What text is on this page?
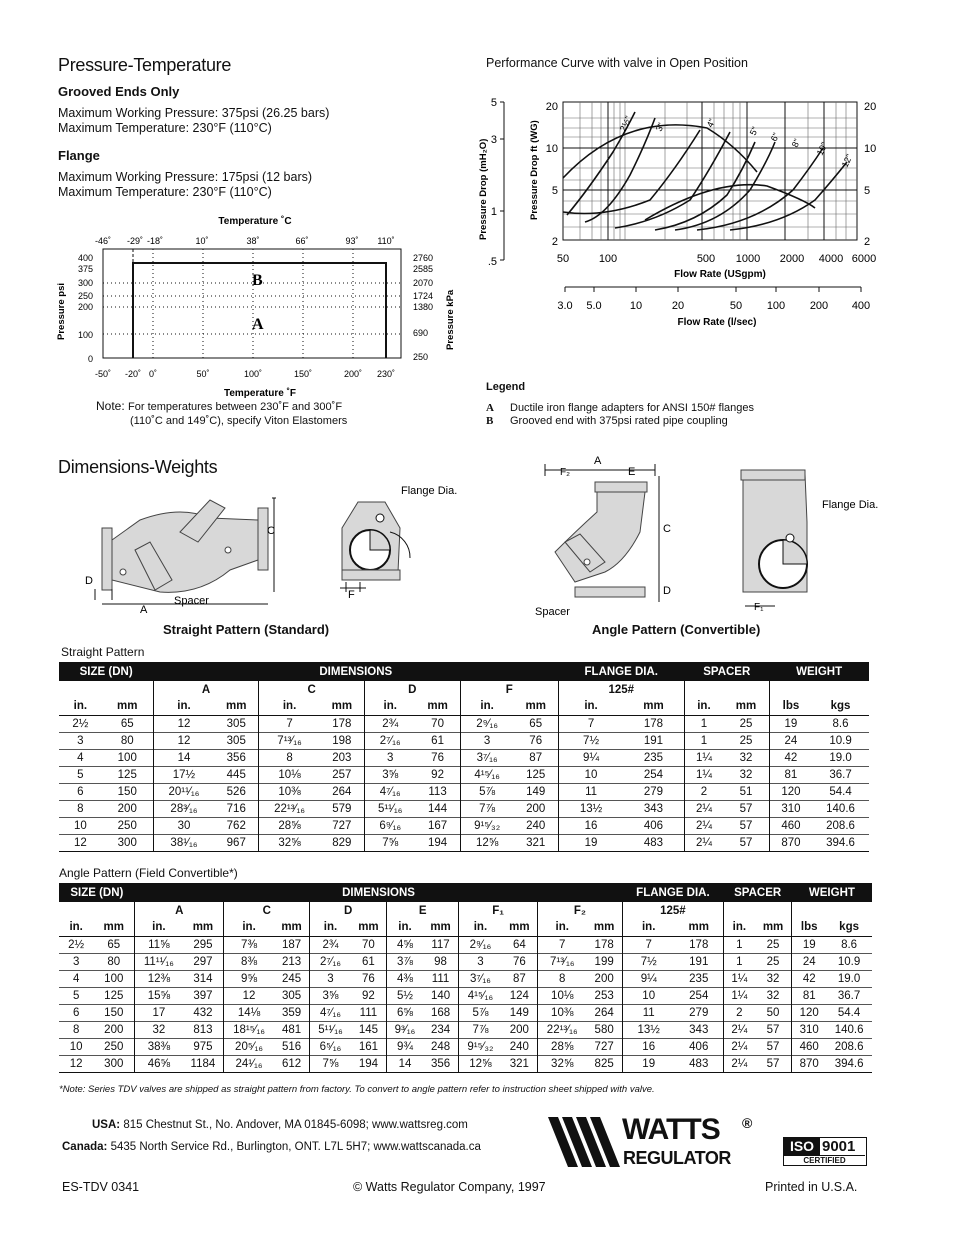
Pressure-Temperature
Grooved Ends Only
Maximum Working Pressure: 375psi (26.25 bars)
Maximum Temperature: 230°F (110°C)
Flange
Maximum Working Pressure: 175psi (12 bars)
Maximum Temperature: 230°F (110°C)
Temperature ˚C
-46˚ -29˚ -18˚	10˚	38˚	66˚	93˚ 110˚
B
A
400
375
300
250
200
100
0
2760
2585
2070
1724
1380
690
250
Pressure psi	Pressure kPa
-50˚ -20˚ 0˚	50˚	100˚	150˚	200˚ 230˚
Temperature ˚F
Note: For temperatures between 230˚F and 300˚F
(110˚C and 149˚C), specify Viton Elastomers
Performance Curve with valve in Open Position
5
3
1
.5
Pressure Drop (mH₂O)	Pressure Drop ft (WG)	2½" 3"	4"
5"
6"
8" 10"
12"
20
10
5
2
20
10
5
2
50	100	500 1000 2000 4000 6000
Flow Rate (USgpm)
3.0 5.0	10	20	50 100 200 400
Flow Rate (l/sec)
Legend
A Ductile iron flange adapters for ANSI 150# flanges
B Grooved end with 375psi rated pipe coupling
Dimensions-Weights
C
D
A
Spacer	F
Flange Dia.
A
F₂	E
C
D
Spacer	F₁
Flange Dia.
Straight Pattern (Standard)	Angle Pattern (Convertible)
Straight Pattern
SIZE (DN)		DIMENSIONS								FLANGE DIA.		SPACER		WEIGHT	
		A		C		D		F		125#					
in.	mm	in.	mm	in.	mm	in.	mm	in.	mm	in.	mm	in.	mm	lbs	kgs
2½	65	12	305	7	178	2¾	70	2⁹⁄₁₆	65	7	178	1	25	19	8.6
3	80	12	305	7¹³⁄₁₆	198	2⁷⁄₁₆	61	3	76	7½	191	1	25	24	10.9
4	100	14	356	8	203	3	76	3⁷⁄₁₆	87	9¼	235	1¼	32	42	19.0
5	125	17½	445	10⅛	257	3⅝	92	4¹⁵⁄₁₆	125	10	254	1¼	32	81	36.7
6	150	20¹¹⁄₁₆	526	10⅜	264	4⁷⁄₁₆	113	5⅞	149	11	279	2	51	120	54.4
8	200	28³⁄₁₆	716	22¹³⁄₁₆	579	5¹¹⁄₁₆	144	7⅞	200	13½	343	2¼	57	310	140.6
10	250	30	762	28⅝	727	6⁹⁄₁₆	167	9¹⁵⁄₃₂	240	16	406	2¼	57	460	208.6
12	300	38¹⁄₁₆	967	32⅝	829	7⅝	194	12⅝	321	19	483	2¼	57	870	394.6
Angle Pattern (Field Convertible*)
SIZE (DN)		DIMENSIONS												FLANGE DIA.		SPACER		WEIGHT	
		A		C		D		E		F₁		F₂		125#					
in.	mm	in.	mm	in.	mm	in.	mm	in.	mm	in.	mm	in.	mm	in.	mm	in.	mm	lbs	kgs
2½	65	11⅝	295	7⅜	187	2¾	70	4⅝	117	2⁹⁄₁₆	64	7	178	7	178	1	25	19	8.6
3	80	11¹¹⁄₁₆	297	8⅜	213	2⁷⁄₁₆	61	3⅞	98	3	76	7¹³⁄₁₆	199	7½	191	1	25	24	10.9
4	100	12⅜	314	9⅝	245	3	76	4⅜	111	3⁷⁄₁₆	87	8	200	9¼	235	1¼	32	42	19.0
5	125	15⅝	397	12	305	3⅝	92	5½	140	4¹⁵⁄₁₆	124	10⅛	253	10	254	1¼	32	81	36.7
6	150	17	432	14⅛	359	4⁷⁄₁₆	111	6⅝	168	5⅞	149	10⅜	264	11	279	2	50	120	54.4
8	200	32	813	18¹⁵⁄₁₆	481	5¹¹⁄₁₆	145	9³⁄₁₆	234	7⅞	200	22¹³⁄₁₆	580	13½	343	2¼	57	310	140.6
10	250	38⅜	975	20⁵⁄₁₆	516	6⁵⁄₁₆	161	9¾	248	9¹⁵⁄₃₂	240	28⅝	727	16	406	2¼	57	460	208.6
12	300	46⅝	1184	24¹⁄₁₆	612	7⅝	194	14	356	12⅝	321	32⅝	825	19	483	2¼	57	870	394.6
*Note: Series TDV valves are shipped as straight pattern from factory. To convert to angle pattern refer to instruction sheet shipped with valve.
USA: 815 Chestnut St., No. Andover, MA 01845-6098; www.wattsreg.com
Canada: 5435 North Service Rd., Burlington, ONT. L7L 5H7; www.wattscanada.ca
WATTS ®
REGULATOR
ISO 9001
CERTIFIED
ES-TDV 0341	© Watts Regulator Company, 1997	Printed in U.S.A.
